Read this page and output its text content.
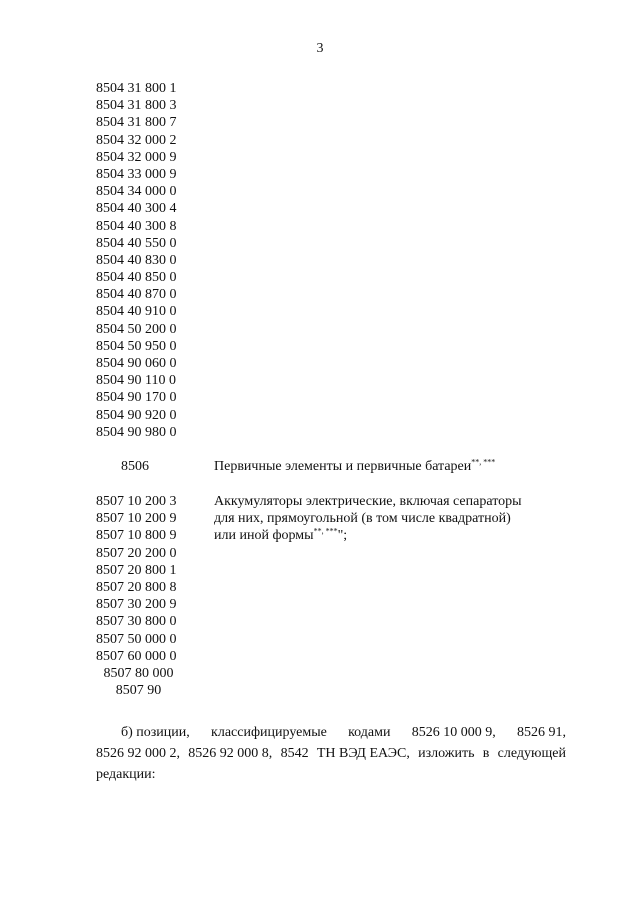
3
8504 31 800 1
8504 31 800 3
8504 31 800 7
8504 32 000 2
8504 32 000 9
8504 33 000 9
8504 34 000 0
8504 40 300 4
8504 40 300 8
8504 40 550 0
8504 40 830 0
8504 40 850 0
8504 40 870 0
8504 40 910 0
8504 50 200 0
8504 50 950 0
8504 90 060 0
8504 90 110 0
8504 90 170 0
8504 90 920 0
8504 90 980 0
8506	Первичные элементы и первичные батареи**, ***
8507 10 200 3
8507 10 200 9
8507 10 800 9
8507 20 200 0
8507 20 800 1
8507 20 800 8
8507 30 200 9
8507 30 800 0
8507 50 000 0
8507 60 000 0
8507 80 000
8507 90
Аккумуляторы электрические, включая сепараторы
для них, прямоугольной (в том числе квадратной)
или иной формы**, ***";
б) позиции, классифицируемые кодами 8526 10 000 9, 8526 91,
8526 92 000 2, 8526 92 000 8, 8542 ТН ВЭД ЕАЭС, изложить в следующей
редакции:
